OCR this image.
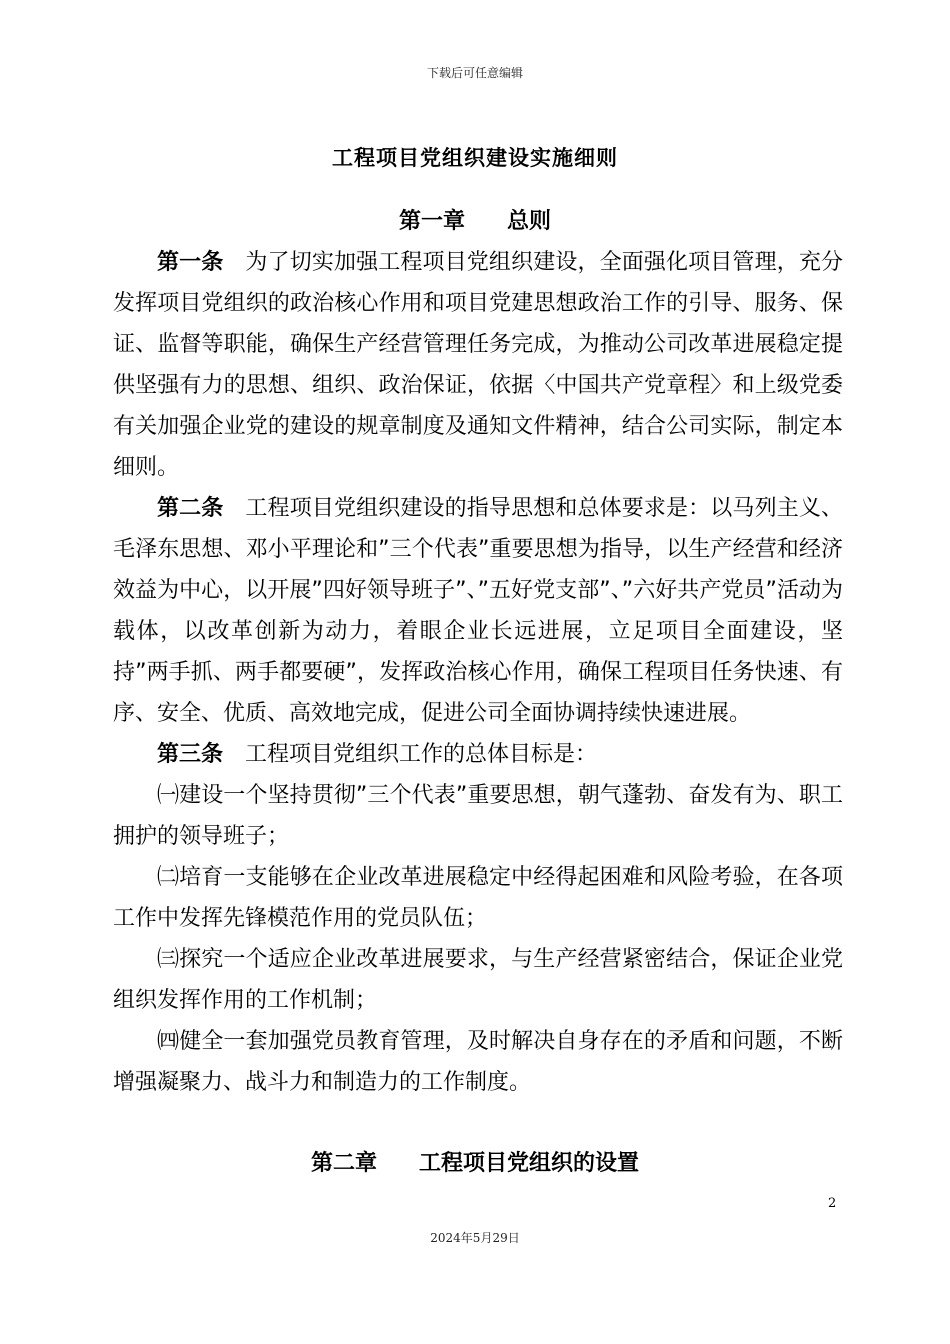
下载后可任意编辑
工程项目党组织建设实施细则
第一章 总则

第一条 为了切实加强工程项目党组织建设，全面强化项目管理，充分发挥项目党组织的政治核心作用和项目党建思想政治工作的引导、服务、保证、监督等职能，确保生产经营管理任务完成，为推动公司改革进展稳定提供坚强有力的思想、组织、政治保证，依据〈中国共产党章程〉和上级党委有关加强企业党的建设的规章制度及通知文件精神，结合公司实际，制定本细则。

第二条 工程项目党组织建设的指导思想和总体要求是：以马列主义、毛泽东思想、邓小平理论和”三个代表”重要思想为指导，以生产经营和经济效益为中心，以开展”四好领导班子”、”五好党支部”、”六好共产党员”活动为载体，以改革创新为动力，着眼企业长远进展，立足项目全面建设，坚持”两手抓、两手都要硬”，发挥政治核心作用，确保工程项目任务快速、有序、安全、优质、高效地完成，促进公司全面协调持续快速进展。

第三条 工程项目党组织工作的总体目标是：

㈠建设一个坚持贯彻”三个代表”重要思想，朝气蓬勃、奋发有为、职工拥护的领导班子；

㈡培育一支能够在企业改革进展稳定中经得起困难和风险考验，在各项工作中发挥先锋模范作用的党员队伍；

㈢探究一个适应企业改革进展要求，与生产经营紧密结合，保证企业党组织发挥作用的工作机制；

㈣健全一套加强党员教育管理，及时解决自身存在的矛盾和问题，不断增强凝聚力、战斗力和制造力的工作制度。

第二章 工程项目党组织的设置
2
2024年5月29日
